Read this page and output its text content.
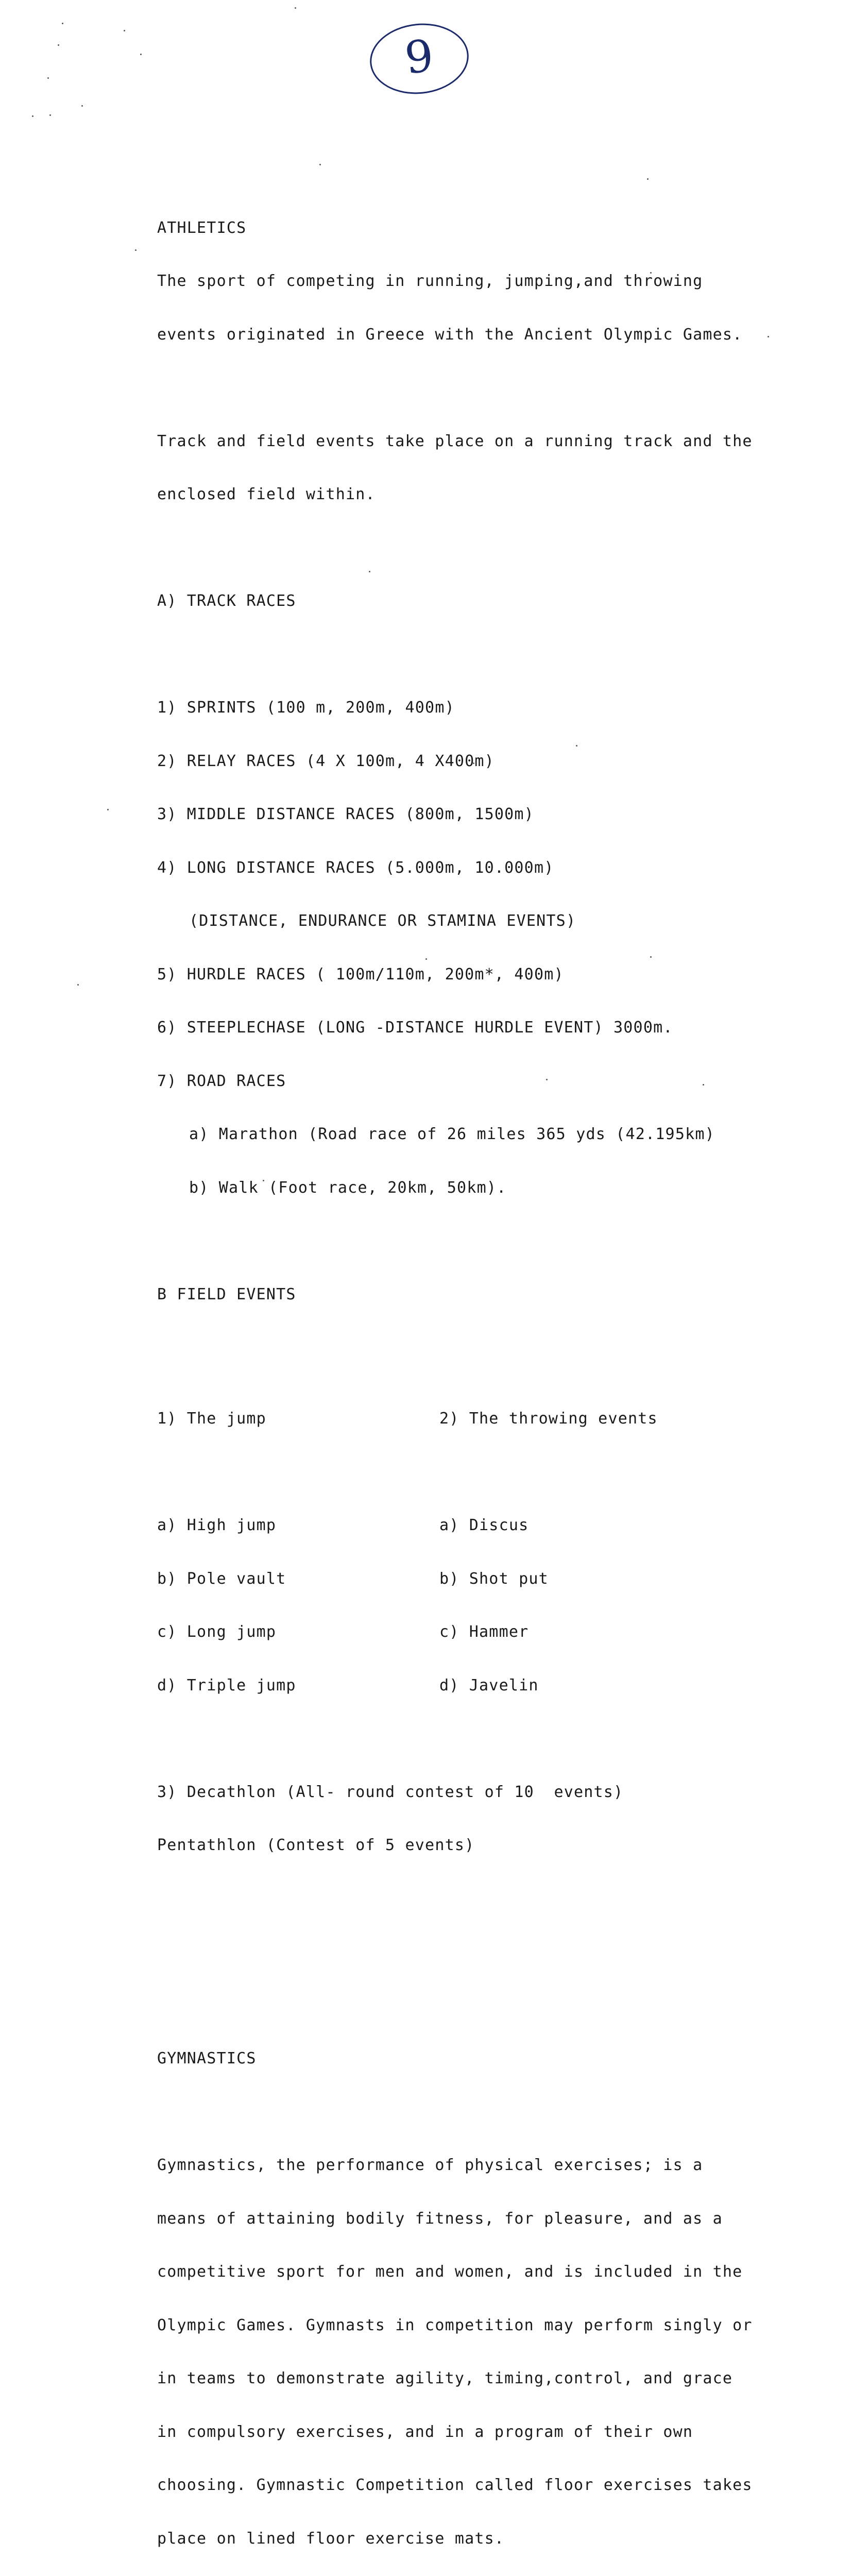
9

ATHLETICS

The sport of competing in running, jumping,and throwing

events originated in Greece with the Ancient Olympic Games.

Track and field events take place on a running track and the

enclosed field within.

A) TRACK RACES

1) SPRINTS (100 m, 200m, 400m)

2) RELAY RACES (4 X 100m, 4 X400m)

3) MIDDLE DISTANCE RACES (800m, 1500m)

4) LONG DISTANCE RACES (5.000m, 10.000m)

(DISTANCE, ENDURANCE OR STAMINA EVENTS)

5) HURDLE RACES ( 100m/110m, 200m*, 400m)

6) STEEPLECHASE (LONG -DISTANCE HURDLE EVENT) 3000m.

7) ROAD RACES

a) Marathon (Road race of 26 miles 365 yds (42.195km)

b) Walk (Foot race, 20km, 50km).

B FIELD EVENTS

1) The jump	2) The throwing events

a) High jump	a) Discus

b) Pole vault	b) Shot put

c) Long jump	c) Hammer

d) Triple jump	d) Javelin

3) Decathlon (All- round contest of 10  events)

Pentathlon (Contest of 5 events)

GYMNASTICS

Gymnastics, the performance of physical exercises; is a

means of attaining bodily fitness, for pleasure, and as a

competitive sport for men and women, and is included in the

Olympic Games. Gymnasts in competition may perform singly or

in teams to demonstrate agility, timing,control, and grace

in compulsory exercises, and in a program of their own

choosing. Gymnastic Competition called floor exercises takes

place on lined floor exercise mats.
